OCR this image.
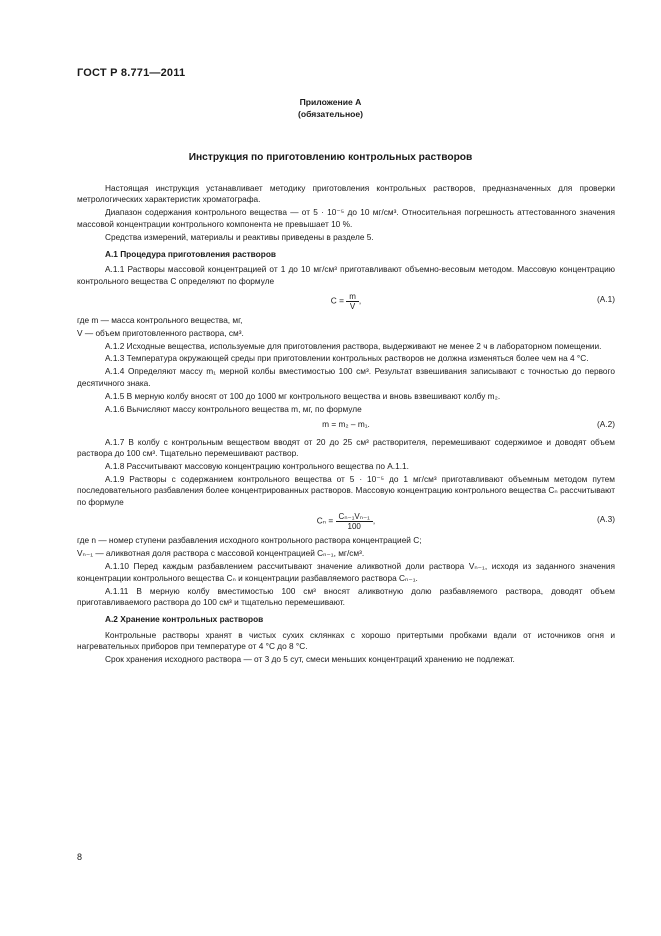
ГОСТ Р 8.771—2011
Приложение А
(обязательное)
Инструкция по приготовлению контрольных растворов

Настоящая инструкция устанавливает методику приготовления контрольных растворов, предназначенных для проверки метрологических характеристик хроматографа.

Диапазон содержания контрольного вещества — от 5 · 10⁻⁵ до 10 мг/см³. Относительная погрешность аттестованного значения массовой концентрации контрольного компонента не превышает 10 %.

Средства измерений, материалы и реактивы приведены в разделе 5.

А.1 Процедура приготовления растворов

А.1.1 Растворы массовой концентрацией от 1 до 10 мг/см³ приготавливают объемно-весовым методом. Массовую концентрацию контрольного вещества C определяют по формуле

$C = \frac{m}{V}$ ,	(A.1)

где m — масса контрольного вещества, мг,

V — объем приготовленного раствора, см³.

А.1.2 Исходные вещества, используемые для приготовления раствора, выдерживают не менее 2 ч в лабораторном помещении.

А.1.3 Температура окружающей среды при приготовлении контрольных растворов не должна изменяться более чем на 4 °С.

А.1.4 Определяют массу m₁ мерной колбы вместимостью 100 см³. Результат взвешивания записывают с точностью до первого десятичного знака.

А.1.5 В мерную колбу вносят от 100 до 1000 мг контрольного вещества и вновь взвешивают колбу m₂.

А.1.6 Вычисляют массу контрольного вещества m, мг, по формуле

m = m₂ – m₁.	(A.2)

А.1.7 В колбу с контрольным веществом вводят от 20 до 25 см³ растворителя, перемешивают содержимое и доводят объем раствора до 100 см³. Тщательно перемешивают раствор.

А.1.8 Рассчитывают массовую концентрацию контрольного вещества по А.1.1.

А.1.9 Растворы с содержанием контрольного вещества от 5 · 10⁻⁵ до 1 мг/см³ приготавливают объемным методом путем последовательного разбавления более концентрированных растворов. Массовую концентрацию контрольного вещества Cₙ рассчитывают по формуле

$C_n = \frac{\text{Cₙ₋₁Vₙ₋₁}}{100}$ ,	(A.3)

где n — номер ступени разбавления исходного контрольного раствора концентрацией C;

Vₙ₋₁ — аликвотная доля раствора с массовой концентрацией Cₙ₋₁, мг/см³.

А.1.10 Перед каждым разбавлением рассчитывают значение аликвотной доли раствора Vₙ₋₁, исходя из заданного значения концентрации контрольного вещества Cₙ и концентрации разбавляемого раствора Cₙ₋₁.

А.1.11 В мерную колбу вместимостью 100 см³ вносят аликвотную долю разбавляемого раствора, доводят объем приготавливаемого раствора до 100 см³ и тщательно перемешивают.

А.2 Хранение контрольных растворов

Контрольные растворы хранят в чистых сухих склянках с хорошо притертыми пробками вдали от источников огня и нагревательных приборов при температуре от 4 °С до 8 °С.

Срок хранения исходного раствора — от 3 до 5 сут, смеси меньших концентраций хранению не подлежат.

8
